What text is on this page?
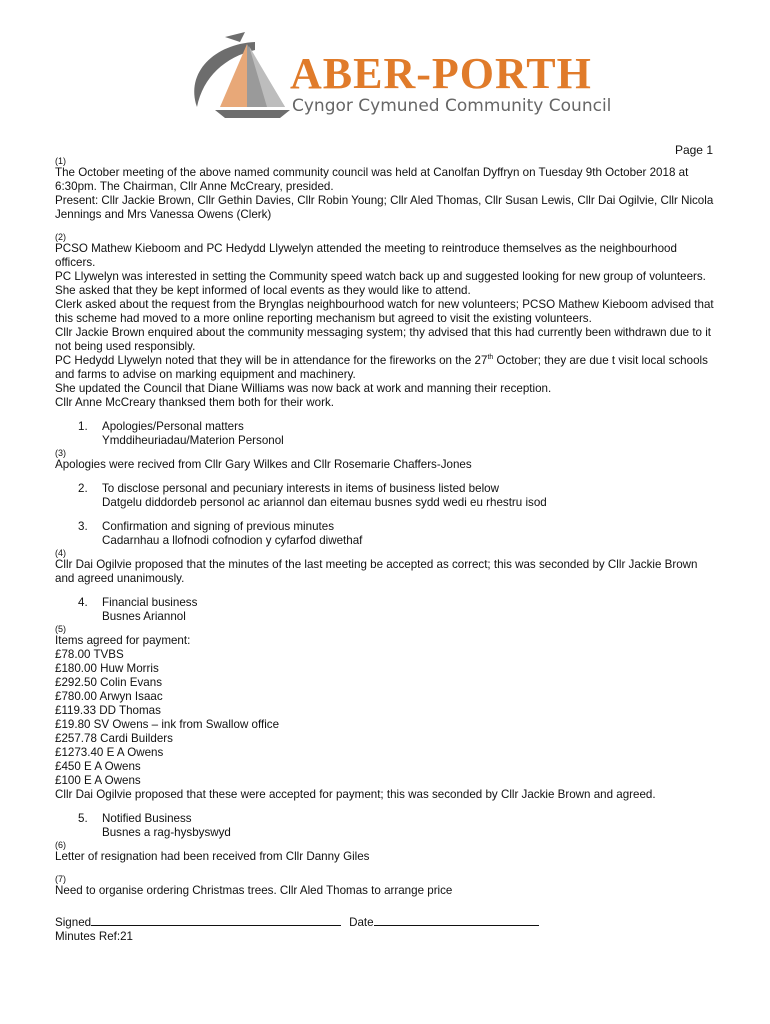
ABER-PORTH
Cyngor Cymuned Community Council
Page 1
(1)

The October meeting of the above named community council was held at Canolfan Dyffryn on Tuesday 9th October 2018 at 6:30pm. The Chairman, Cllr Anne McCreary, presided.

Present: Cllr Jackie Brown, Cllr Gethin Davies, Cllr Robin Young; Cllr Aled Thomas, Cllr Susan Lewis, Cllr Dai Ogilvie, Cllr Nicola Jennings and Mrs Vanessa Owens (Clerk)

(2)

PCSO Mathew Kieboom and PC Hedydd Llywelyn attended the meeting to reintroduce themselves as the neighbourhood officers.

PC Llywelyn was interested in setting the Community speed watch back up and suggested looking for new group of volunteers. She asked that they be kept informed of local events as they would like to attend.

Clerk asked about the request from the Brynglas neighbourhood watch for new volunteers; PCSO Mathew Kieboom advised that this scheme had moved to a more online reporting mechanism but agreed to visit the existing volunteers.

Cllr Jackie Brown enquired about the community messaging system; thy advised that this had currently been withdrawn due to it not being used responsibly.

PC Hedydd Llywelyn noted that they will be in attendance for the fireworks on the 27th October; they are due t visit local schools and farms to advise on marking equipment and machinery.

She updated the Council that Diane Williams was now back at work and manning their reception.

Cllr Anne McCreary thanksed them both for their work.

1.	Apologies/Personal matters
Ymddiheuriadau/Materion Personol
(3)

Apologies were recived from Cllr Gary Wilkes and Cllr Rosemarie Chaffers-Jones

2.	To disclose personal and pecuniary interests in items of business listed below
Datgelu diddordeb personol ac ariannol dan eitemau busnes sydd wedi eu rhestru isod
3.	Confirmation and signing of previous minutes
Cadarnhau a llofnodi cofnodion y cyfarfod diwethaf
(4)

Cllr Dai Ogilvie proposed that the minutes of the last meeting be accepted as correct; this was seconded by Cllr Jackie Brown and agreed unanimously.

4.	Financial business
Busnes Ariannol
(5)

Items agreed for payment:

£78.00 TVBS

£180.00 Huw Morris

£292.50 Colin Evans

£780.00 Arwyn Isaac

£119.33 DD Thomas

£19.80 SV Owens – ink from Swallow office

£257.78 Cardi Builders

£1273.40 E A Owens

£450 E A Owens

£100 E A Owens

Cllr Dai Ogilvie proposed that these were accepted for payment; this was seconded by Cllr Jackie Brown and agreed.

5.	Notified Business
Busnes a rag-hysbyswyd
(6)

Letter of resignation had been received from Cllr Danny Giles

(7)

Need to organise ordering Christmas trees. Cllr Aled Thomas to arrange price

Signed	Date

Minutes Ref:21
